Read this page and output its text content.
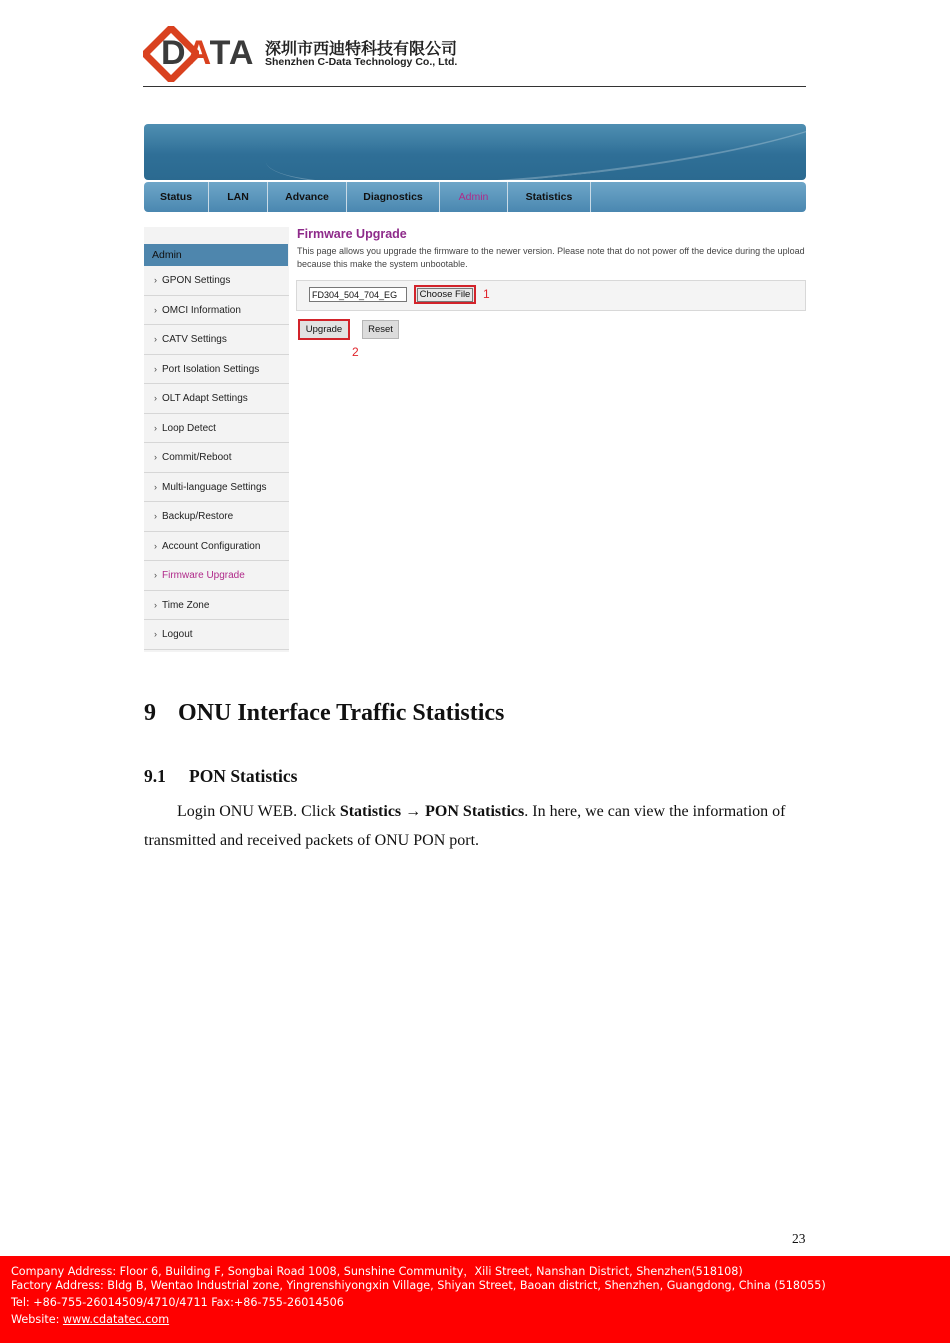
DATA 深圳市西迪特科技有限公司
Shenzhen C-Data Technology Co., Ltd.
Status	LAN	Advance	Diagnostics	Admin	Statistics
Admin
› GPON Settings
› OMCI Information
› CATV Settings
› Port Isolation Settings
› OLT Adapt Settings
› Loop Detect
› Commit/Reboot
› Multi-language Settings
› Backup/Restore
› Account Configuration
› Firmware Upgrade
› Time Zone
› Logout
Firmware Upgrade
This page allows you upgrade the firmware to the newer version. Please note that do not power off the device during the upload because this make the system unbootable.
FD304_504_704_EG	Choose File	1
Upgrade	Reset
2
9 ONU Interface Traffic Statistics
9.1 PON Statistics
Login ONU WEB. Click Statistics → PON Statistics. In here, we can view the information of transmitted and received packets of ONU PON port.
23
Company Address: Floor 6, Building F, Songbai Road 1008, Sunshine Community，Xili Street, Nanshan District, Shenzhen(518108)
Factory Address: Bldg B, Wentao Industrial zone, Yingrenshiyongxin Village, Shiyan Street, Baoan district, Shenzhen, Guangdong, China (518055)
Tel: +86-755-26014509/4710/4711 Fax:+86-755-26014506
Website: www.cdatatec.com
